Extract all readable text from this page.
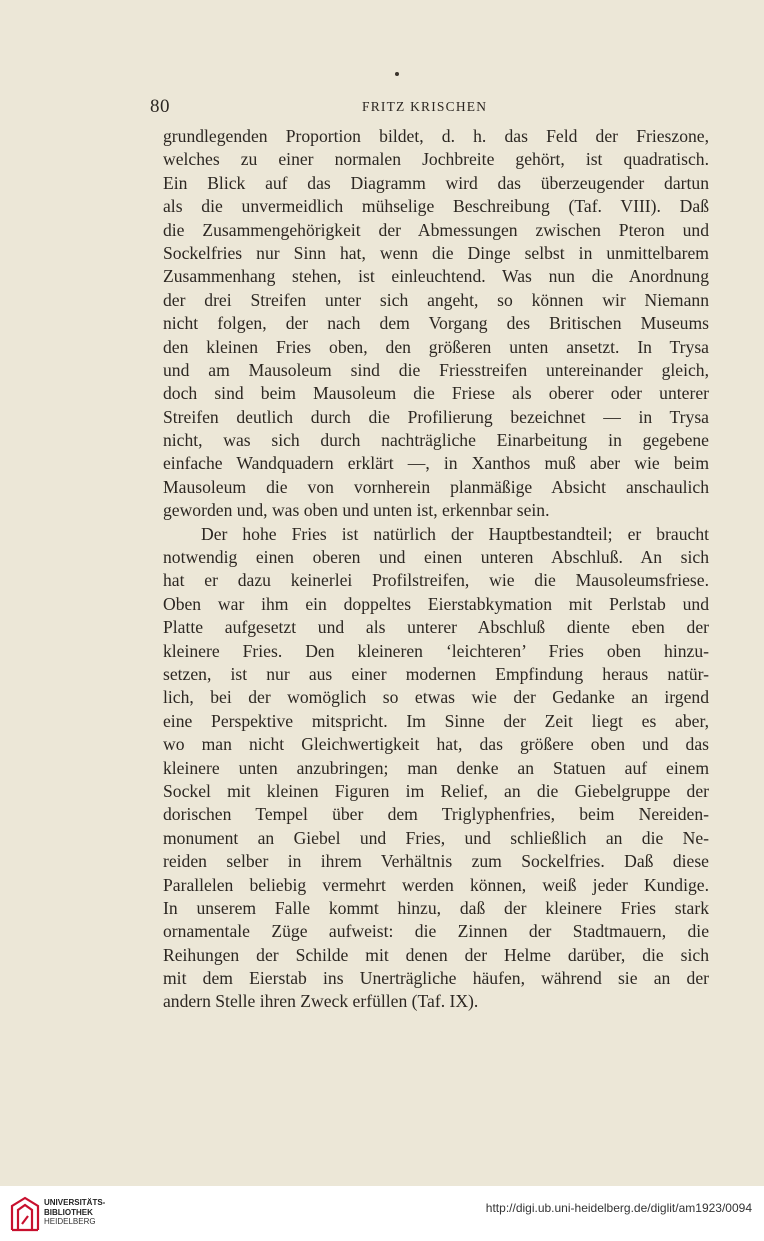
80	FRITZ KRISCHEN
grundlegenden Proportion bildet, d. h. das Feld der Frieszone,
welches zu einer normalen Jochbreite gehört, ist quadratisch.
Ein Blick auf das Diagramm wird das überzeugender dartun
als die unvermeidlich mühselige Beschreibung (Taf. VIII). Daß
die Zusammengehörigkeit der Abmessungen zwischen Pteron und
Sockelfries nur Sinn hat, wenn die Dinge selbst in unmittelbarem
Zusammenhang stehen, ist einleuchtend. Was nun die Anordnung
der drei Streifen unter sich angeht, so können wir Niemann
nicht folgen, der nach dem Vorgang des Britischen Museums
den kleinen Fries oben, den größeren unten ansetzt. In Trysa
und am Mausoleum sind die Friesstreifen untereinander gleich,
doch sind beim Mausoleum die Friese als oberer oder unterer
Streifen deutlich durch die Profilierung bezeichnet — in Trysa
nicht, was sich durch nachträgliche Einarbeitung in gegebene
einfache Wandquadern erklärt —, in Xanthos muß aber wie beim
Mausoleum die von vornherein planmäßige Absicht anschaulich
geworden und, was oben und unten ist, erkennbar sein.
Der hohe Fries ist natürlich der Hauptbestandteil; er braucht
notwendig einen oberen und einen unteren Abschluß. An sich
hat er dazu keinerlei Profilstreifen, wie die Mausoleumsfriese.
Oben war ihm ein doppeltes Eierstabkymation mit Perlstab und
Platte aufgesetzt und als unterer Abschluß diente eben der
kleinere Fries. Den kleineren ‘leichteren’ Fries oben hinzu-
setzen, ist nur aus einer modernen Empfindung heraus natür-
lich, bei der womöglich so etwas wie der Gedanke an irgend
eine Perspektive mitspricht. Im Sinne der Zeit liegt es aber,
wo man nicht Gleichwertigkeit hat, das größere oben und das
kleinere unten anzubringen; man denke an Statuen auf einem
Sockel mit kleinen Figuren im Relief, an die Giebelgruppe der
dorischen Tempel über dem Triglyphenfries, beim Nereiden-
monument an Giebel und Fries, und schließlich an die Ne-
reiden selber in ihrem Verhältnis zum Sockelfries. Daß diese
Parallelen beliebig vermehrt werden können, weiß jeder Kundige.
In unserem Falle kommt hinzu, daß der kleinere Fries stark
ornamentale Züge aufweist: die Zinnen der Stadtmauern, die
Reihungen der Schilde mit denen der Helme darüber, die sich
mit dem Eierstab ins Unerträgliche häufen, während sie an der
andern Stelle ihren Zweck erfüllen (Taf. IX).
UNIVERSITÄTS-
BIBLIOTHEK
HEIDELBERG
http://digi.ub.uni-heidelberg.de/diglit/am1923/0094
